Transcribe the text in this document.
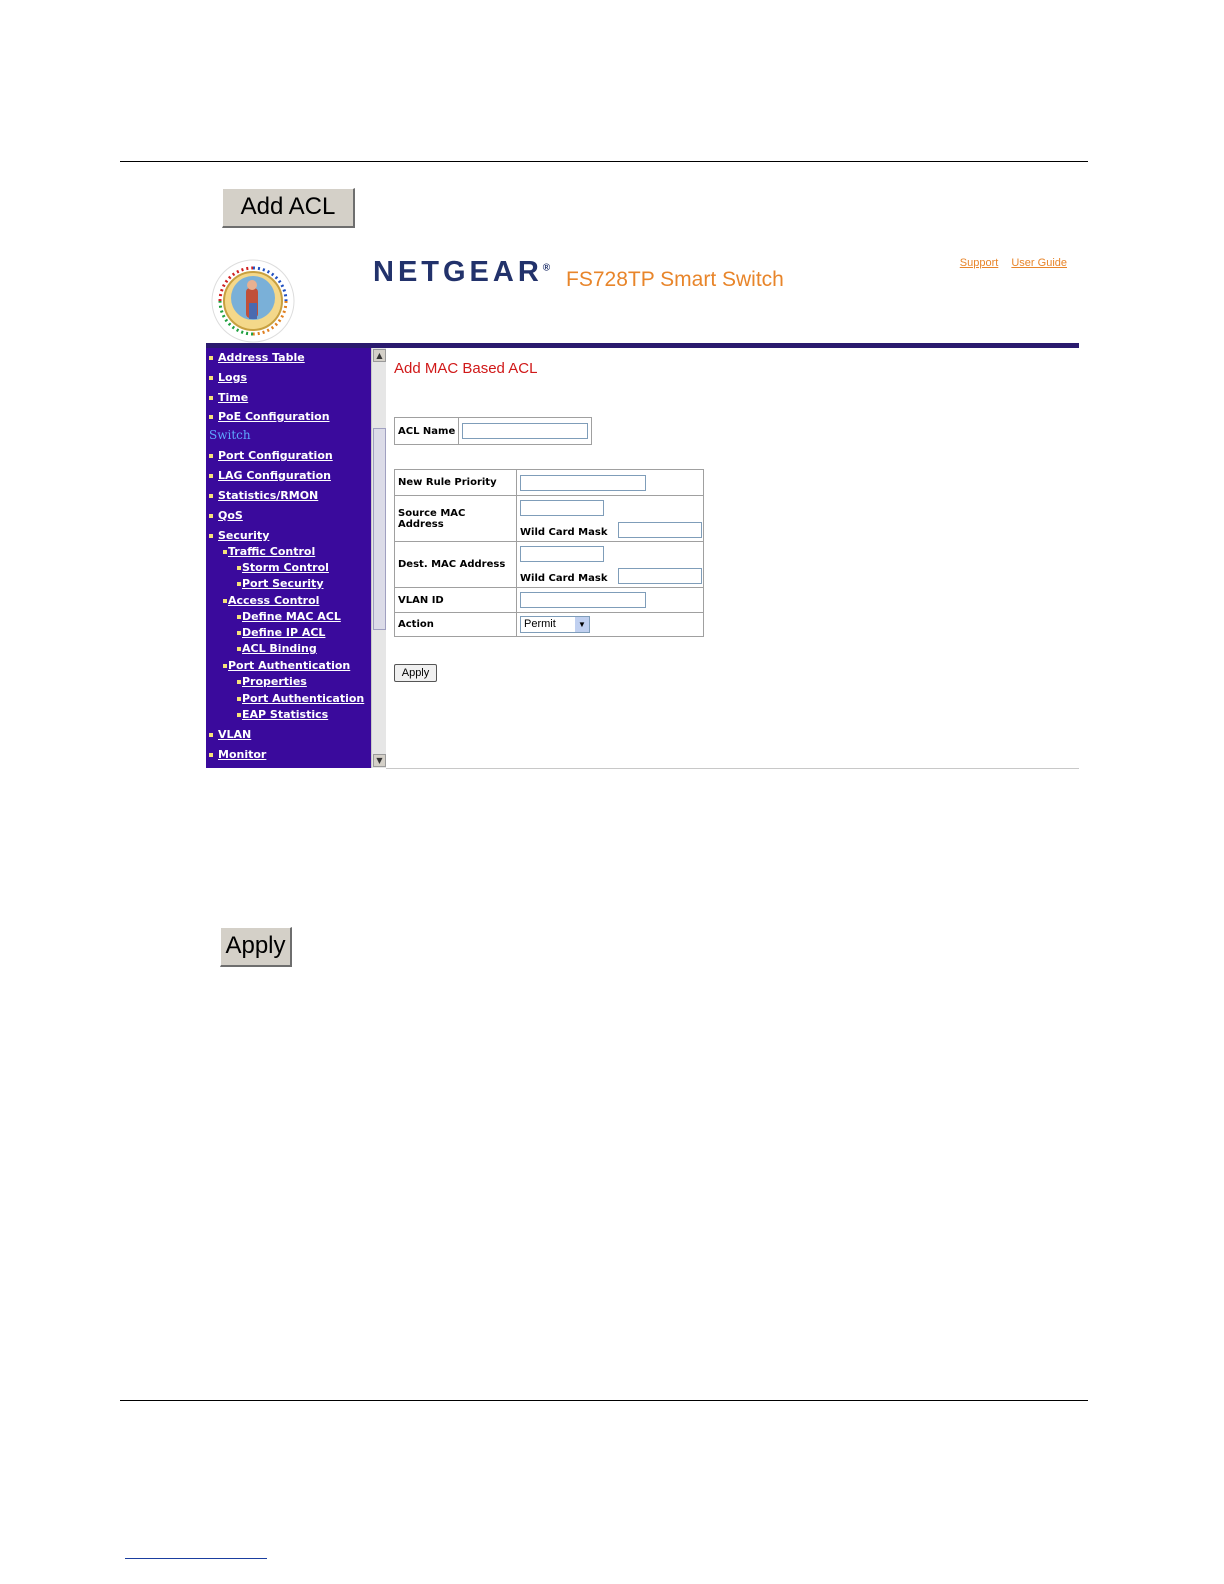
Add ACL
NETGEAR®
FS728TP Smart Switch
Support User Guide
Address Table
Logs
Time
PoE Configuration
Switch
Port Configuration
LAG Configuration
Statistics/RMON
QoS
Security
Traffic Control
Storm Control
Port Security
Access Control
Define MAC ACL
Define IP ACL
ACL Binding
Port Authentication
Properties
Port Authentication
EAP Statistics
VLAN
Monitor
▲
▼
Add MAC Based ACL
ACL Name	
New Rule Priority	
Source MAC Address	Wild Card Mask

Dest. MAC Address	Wild Card Mask

VLAN ID	
Action	Permit ▼
Apply
Apply
